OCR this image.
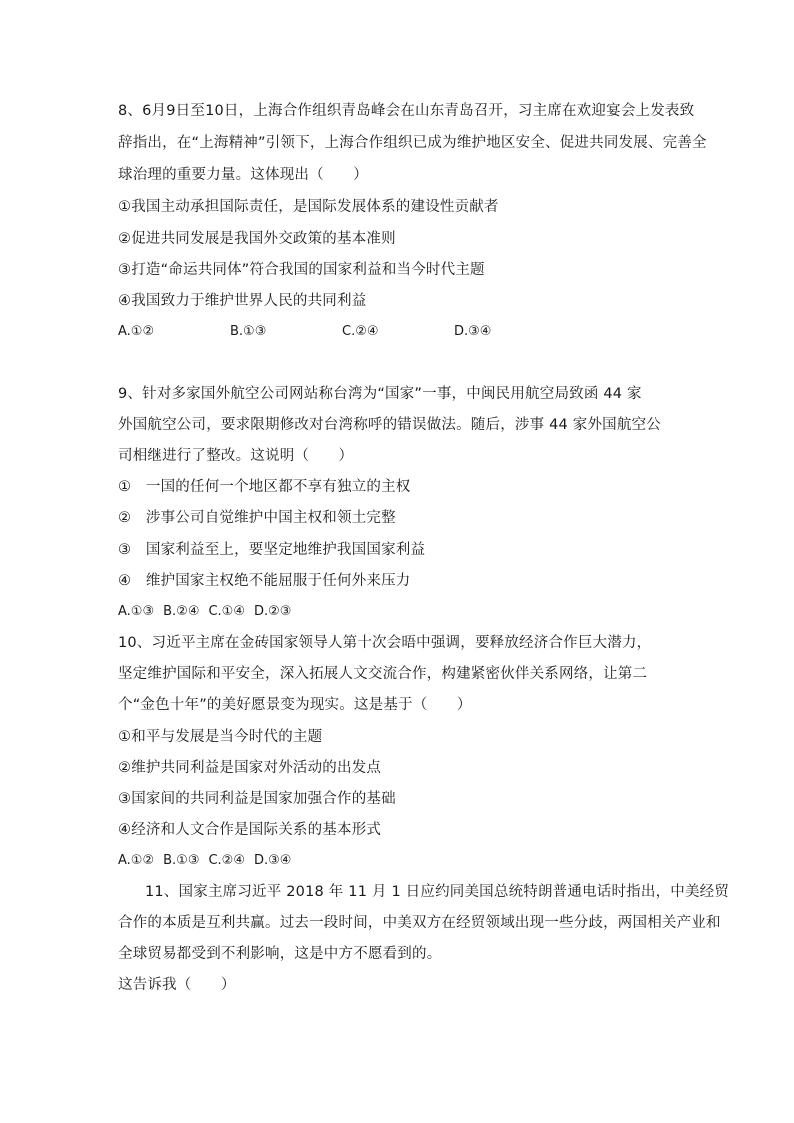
8、6月9日至10日，上海合作组织青岛峰会在山东青岛召开，习主席在欢迎宴会上发表致
辞指出，在“上海精神”引领下，上海合作组织已成为维护地区安全、促进共同发展、完善全
球治理的重要力量。这体现出（　　）
①我国主动承担国际责任，是国际发展体系的建设性贡献者
②促进共同发展是我国外交政策的基本准则
③打造“命运共同体”符合我国的国家利益和当今时代主题
④我国致力于维护世界人民的共同利益
A.①②	B.①③	C.②④	D.③④
9、针对多家国外航空公司网站称台湾为“国家”一事，中闽民用航空局致函 44 家
外国航空公司，要求限期修改对台湾称呼的错误做法。随后，涉事 44 家外国航空公
司相继进行了整改。这说明（　　）
①　一国的任何一个地区都不享有独立的主权
②　涉事公司自觉维护中国主权和领土完整
③　国家利益至上，要坚定地维护我国国家利益
④　维护国家主权绝不能屈服于任何外来压力
A.①③ B.②④ C.①④ D.②③
10、习近平主席在金砖国家领导人第十次会晤中强调，要释放经济合作巨大潜力，
坚定维护国际和平安全，深入拓展人文交流合作，构建紧密伙伴关系网络，让第二
个“金色十年”的美好愿景变为现实。这是基于（　　）
①和平与发展是当今时代的主题
②维护共同利益是国家对外活动的出发点
③国家间的共同利益是国家加强合作的基础
④经济和人文合作是国际关系的基本形式
A.①② B.①③ C.②④ D.③④
11、国家主席习近平 2018 年 11 月 1 日应约同美国总统特朗普通电话时指出，中美经贸
合作的本质是互利共赢。过去一段时间，中美双方在经贸领域出现一些分歧，两国相关产业和
全球贸易都受到不利影响，这是中方不愿看到的。
这告诉我（　　）
